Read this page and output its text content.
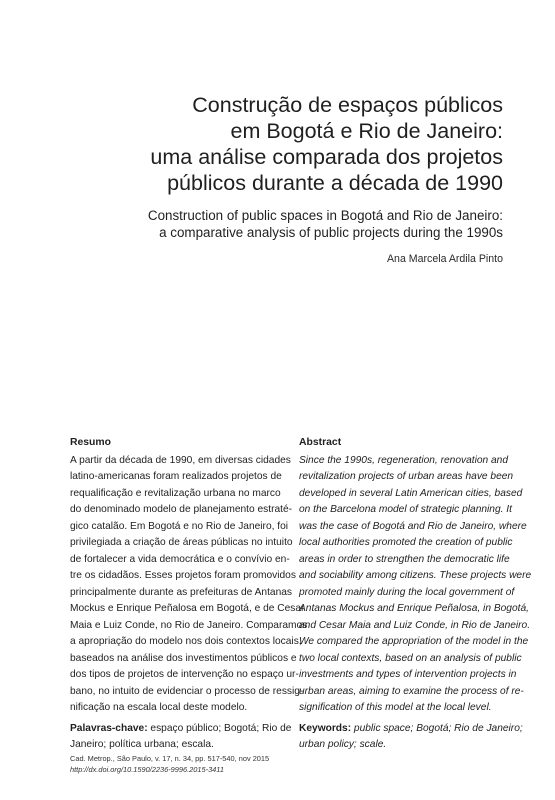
Construção de espaços públicos
em Bogotá e Rio de Janeiro:
uma análise comparada dos projetos
públicos durante a década de 1990
Construction of public spaces in Bogotá and Rio de Janeiro:
a comparative analysis of public projects during the 1990s
Ana Marcela Ardila Pinto
Resumo
A partir da década de 1990, em diversas cidades
latino-americanas foram realizados projetos de
requalificação e revitalização urbana no marco
do denominado modelo de planejamento estraté-
gico catalão. Em Bogotá e no Rio de Janeiro, foi
privilegiada a criação de áreas públicas no intuito
de fortalecer a vida democrática e o convívio en-
tre os cidadãos. Esses projetos foram promovidos
principalmente durante as prefeituras de Antanas
Mockus e Enrique Peñalosa em Bogotá, e de Cesar
Maia e Luiz Conde, no Rio de Janeiro. Comparamos
a apropriação do modelo nos dois contextos locais,
baseados na análise dos investimentos públicos e
dos tipos de projetos de intervenção no espaço ur-
bano, no intuito de evidenciar o processo de ressig-
nificação na escala local deste modelo.
Palavras-chave: espaço público; Bogotá; Rio de
Janeiro; política urbana; escala.
Abstract
Since the 1990s, regeneration, renovation and
revitalization projects of urban areas have been
developed in several Latin American cities, based
on the Barcelona model of strategic planning. It
was the case of Bogotá and Rio de Janeiro, where
local authorities promoted the creation of public
areas in order to strengthen the democratic life
and sociability among citizens. These projects were
promoted mainly during the local government of
Antanas Mockus and Enrique Peñalosa, in Bogotá,
and Cesar Maia and Luiz Conde, in Rio de Janeiro.
We compared the appropriation of the model in the
two local contexts, based on an analysis of public
investments and types of intervention projects in
urban areas, aiming to examine the process of re-
signification of this model at the local level.
Keywords: public space; Bogotá; Rio de Janeiro;
urban policy; scale.
Cad. Metrop., São Paulo, v. 17, n. 34, pp. 517-540, nov 2015
http://dx.doi.org/10.1590/2236-9996.2015-3411
